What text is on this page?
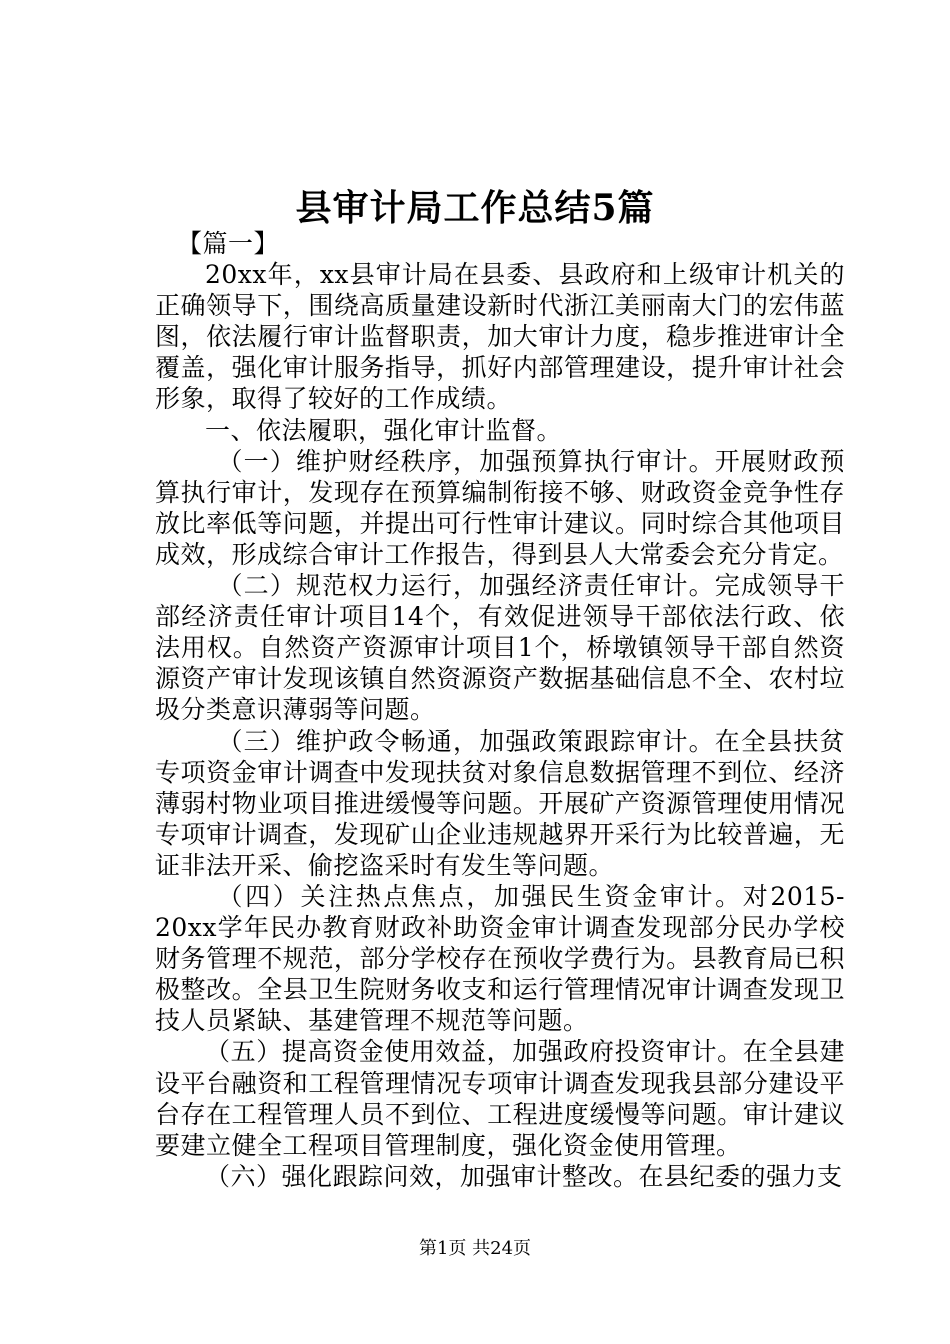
县审计局工作总结5篇

【篇一】

20xx年，xx县审计局在县委、县政府和上级审计机关的正确领导下，围绕高质量建设新时代浙江美丽南大门的宏伟蓝图，依法履行审计监督职责，加大审计力度，稳步推进审计全覆盖，强化审计服务指导，抓好内部管理建设，提升审计社会形象，取得了较好的工作成绩。

一、依法履职，强化审计监督。

（一）维护财经秩序，加强预算执行审计。开展财政预算执行审计，发现存在预算编制衔接不够、财政资金竞争性存放比率低等问题，并提出可行性审计建议。同时综合其他项目成效，形成综合审计工作报告，得到县人大常委会充分肯定。

（二）规范权力运行，加强经济责任审计。完成领导干部经济责任审计项目14个，有效促进领导干部依法行政、依法用权。自然资产资源审计项目1个，桥墩镇领导干部自然资源资产审计发现该镇自然资源资产数据基础信息不全、农村垃圾分类意识薄弱等问题。

（三）维护政令畅通，加强政策跟踪审计。在全县扶贫专项资金审计调查中发现扶贫对象信息数据管理不到位、经济薄弱村物业项目推进缓慢等问题。开展矿产资源管理使用情况专项审计调查，发现矿山企业违规越界开采行为比较普遍，无证非法开采、偷挖盗采时有发生等问题。

（四）关注热点焦点，加强民生资金审计。对2015-20xx学年民办教育财政补助资金审计调查发现部分民办学校财务管理不规范，部分学校存在预收学费行为。县教育局已积极整改。全县卫生院财务收支和运行管理情况审计调查发现卫技人员紧缺、基建管理不规范等问题。

（五）提高资金使用效益，加强政府投资审计。在全县建设平台融资和工程管理情况专项审计调查发现我县部分建设平台存在工程管理人员不到位、工程进度缓慢等问题。审计建议要建立健全工程项目管理制度，强化资金使用管理。

（六）强化跟踪问效，加强审计整改。在县纪委的强力支

第1页 共24页
